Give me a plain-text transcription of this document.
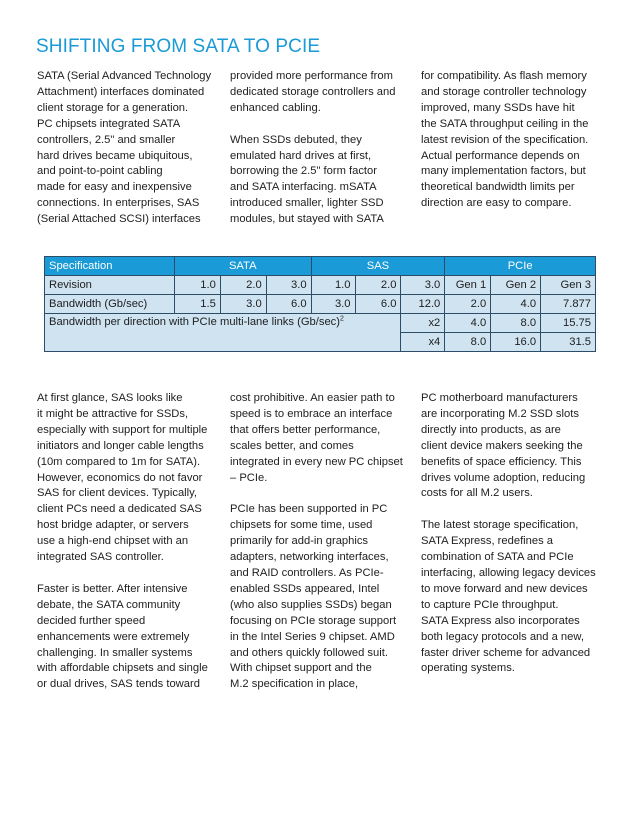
SHIFTING FROM SATA TO PCIE
SATA (Serial Advanced Technology
Attachment) interfaces dominated
client storage for a generation.
PC chipsets integrated SATA
controllers, 2.5" and smaller
hard drives became ubiquitous,
and point-to-point cabling
made for easy and inexpensive
connections. In enterprises, SAS
(Serial Attached SCSI) interfaces
provided more performance from
dedicated storage controllers and
enhanced cabling.

When SSDs debuted, they
emulated hard drives at first,
borrowing the 2.5" form factor
and SATA interfacing. mSATA
introduced smaller, lighter SSD
modules, but stayed with SATA
for compatibility. As flash memory
and storage controller technology
improved, many SSDs have hit
the SATA throughput ceiling in the
latest revision of the specification.
Actual performance depends on
many implementation factors, but
theoretical bandwidth limits per
direction are easy to compare.
Specification	SATA			SAS			PCIe		
Revision	1.0	2.0	3.0	1.0	2.0	3.0	Gen 1	Gen 2	Gen 3
Bandwidth (Gb/sec)	1.5	3.0	6.0	3.0	6.0	12.0	2.0	4.0	7.877
Bandwidth per direction with PCIe multi-lane links $(Gb/\sec)^2$						x2	4.0	8.0	15.75
						x4	8.0	16.0	31.5
At first glance, SAS looks like
it might be attractive for SSDs,
especially with support for multiple
initiators and longer cable lengths
(10m compared to 1m for SATA).
However, economics do not favor
SAS for client devices. Typically,
client PCs need a dedicated SAS
host bridge adapter, or servers
use a high-end chipset with an
integrated SAS controller.

Faster is better. After intensive
debate, the SATA community
decided further speed
enhancements were extremely
challenging. In smaller systems
with affordable chipsets and single
or dual drives, SAS tends toward
cost prohibitive. An easier path to
speed is to embrace an interface
that offers better performance,
scales better, and comes
integrated in every new PC chipset
– PCIe.

PCIe has been supported in PC
chipsets for some time, used
primarily for add-in graphics
adapters, networking interfaces,
and RAID controllers. As PCIe-
enabled SSDs appeared, Intel
(who also supplies SSDs) began
focusing on PCIe storage support
in the Intel Series 9 chipset. AMD
and others quickly followed suit.
With chipset support and the
M.2 specification in place,
PC motherboard manufacturers
are incorporating M.2 SSD slots
directly into products, as are
client device makers seeking the
benefits of space efficiency. This
drives volume adoption, reducing
costs for all M.2 users.

The latest storage specification,
SATA Express, redefines a
combination of SATA and PCIe
interfacing, allowing legacy devices
to move forward and new devices
to capture PCIe throughput.
SATA Express also incorporates
both legacy protocols and a new,
faster driver scheme for advanced
operating systems.
